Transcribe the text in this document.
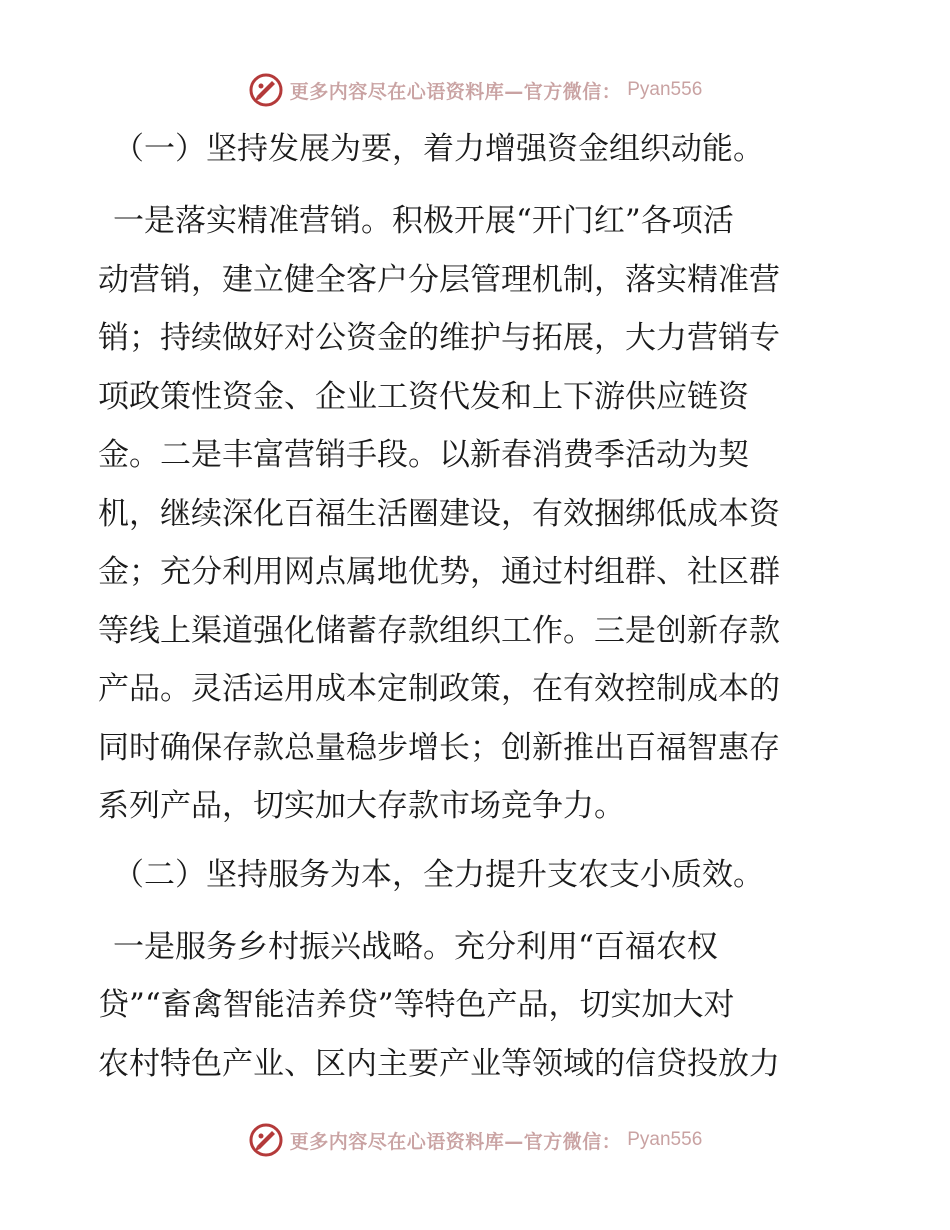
更多内容尽在心语资料库—官方微信： Pyan556
（一）坚持发展为要，着力增强资金组织动能。
一是落实精准营销。积极开展“开门红”各项活
动营销，建立健全客户分层管理机制，落实精准营
销；持续做好对公资金的维护与拓展，大力营销专
项政策性资金、企业工资代发和上下游供应链资
金。二是丰富营销手段。以新春消费季活动为契
机，继续深化百福生活圈建设，有效捆绑低成本资
金；充分利用网点属地优势，通过村组群、社区群
等线上渠道强化储蓄存款组织工作。三是创新存款
产品。灵活运用成本定制政策，在有效控制成本的
同时确保存款总量稳步增长；创新推出百福智惠存
系列产品，切实加大存款市场竞争力。
（二）坚持服务为本，全力提升支农支小质效。
一是服务乡村振兴战略。充分利用“百福农权
贷”“畜禽智能洁养贷”等特色产品，切实加大对
农村特色产业、区内主要产业等领域的信贷投放力
更多内容尽在心语资料库—官方微信： Pyan556
